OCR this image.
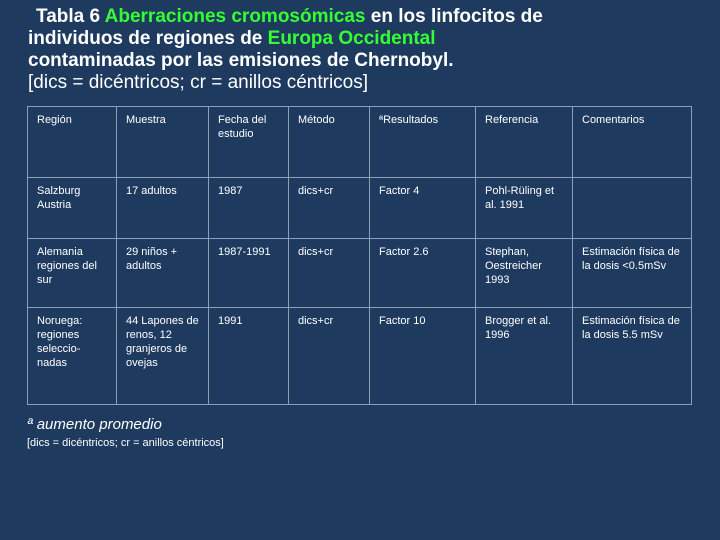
Tabla 6 Aberraciones cromosómicas en los linfocitos de
individuos de regiones de Europa Occidental
contaminadas por las emisiones de Chernobyl.
[dics = dicéntricos; cr = anillos céntricos]
Región	Muestra	Fecha del estudio	Método	ªResultados	Referencia	Comentarios
Salzburg Austria	17 adultos	1987	dics+cr	Factor 4	Pohl-Rüling et al. 1991	
Alemania regiones del sur	29 niños + adultos	1987-1991	dics+cr	Factor 2.6	Stephan, Oestreicher 1993	Estimación física de la dosis <0.5mSv
Noruega: regiones seleccio-nadas	44 Lapones de renos, 12 granjeros de ovejas	1991	dics+cr	Factor 10	Brogger et al. 1996	Estimación física de la dosis 5.5 mSv
ª aumento promedio
[dics = dicéntricos; cr = anillos céntricos]
